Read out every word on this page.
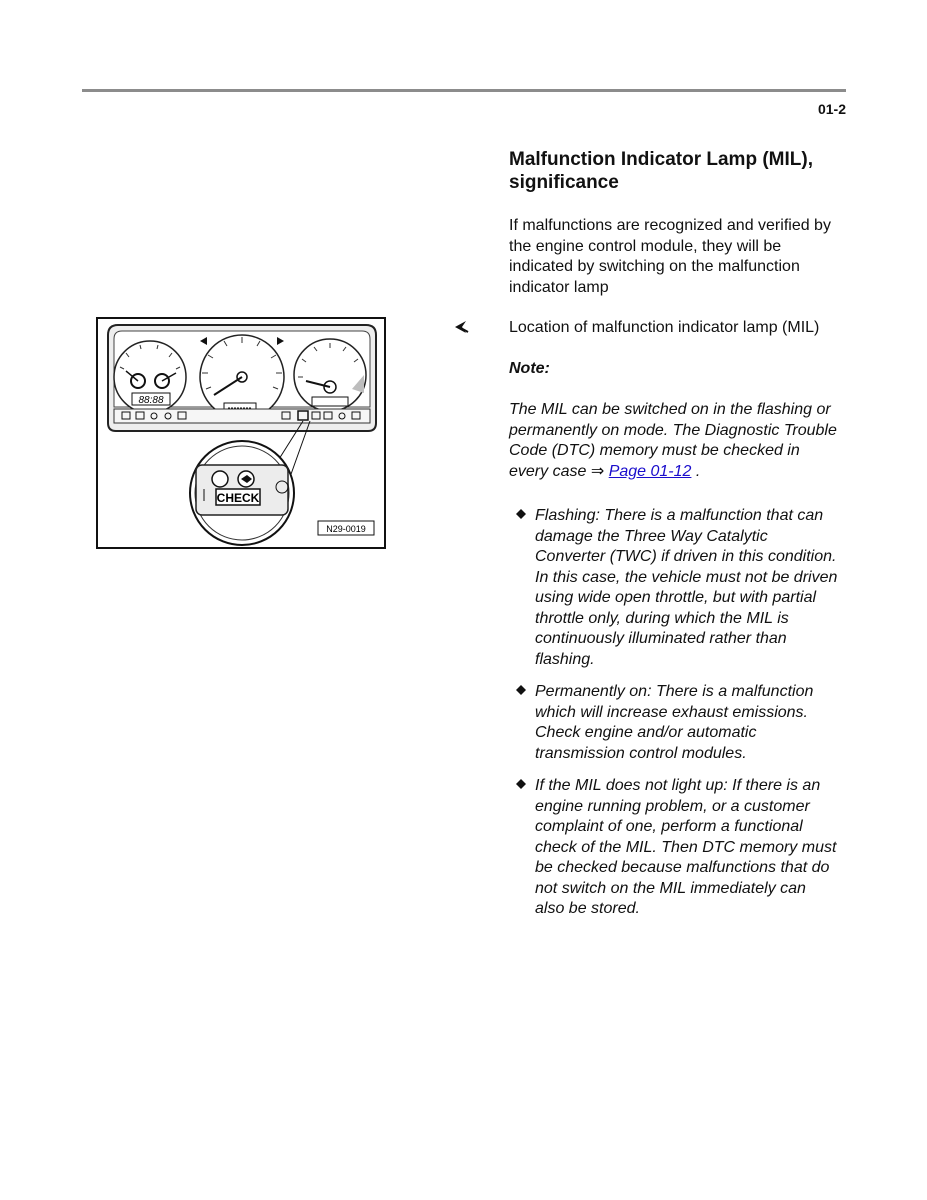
01-2
88:88
CHECK
N29-0019
Malfunction Indicator Lamp (MIL), significance
If malfunctions are recognized and verified by the engine control module, they will be indicated by switching on the malfunction indicator lamp
Location of malfunction indicator lamp (MIL)
Note:
The MIL can be switched on in the flashing or permanently on mode. The Diagnostic Trouble Code (DTC) memory must be checked in every case ⇒ Page 01-12 .
Flashing: There is a malfunction that can damage the Three Way Catalytic Converter (TWC) if driven in this condition. In this case, the vehicle must not be driven using wide open throttle, but with partial throttle only, during which the MIL is continuously illuminated rather than flashing.
Permanently on: There is a malfunction which will increase exhaust emissions. Check engine and/or automatic transmission control modules.
If the MIL does not light up: If there is an engine running problem, or a customer complaint of one, perform a functional check of the MIL. Then DTC memory must be checked because malfunctions that do not switch on the MIL immediately can also be stored.
